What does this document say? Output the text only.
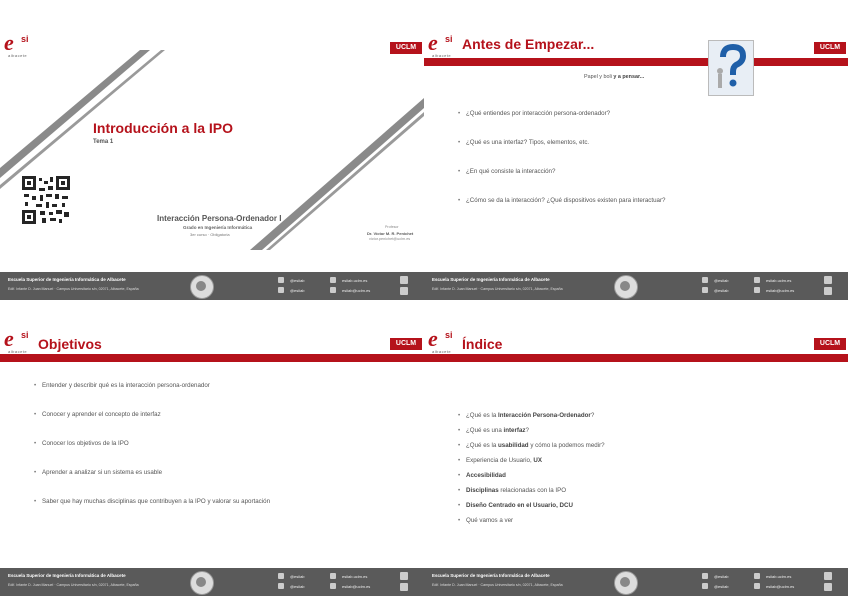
e si
albacete
UCLM
Introducción a la IPO
Tema 1
Interacción Persona-Ordenador I
Grado en Ingeniería Informática
3er curso · Obligatoria
Profesor
Dr. Víctor M. R. Penichet
victor.penichet@uclm.es
Escuela Superior de Ingeniería Informática de Albacete
Edif. Infante D. Juan Manuel · Campus Universitario s/n, 02071, Albacete, España
@esiiab
@esiiab
esiiab.uclm.es
esiiab@uclm.es
e si
albacete
Antes de Empezar...	UCLM
Papel y boli y a pensar...
• ¿Qué entiendes por interacción persona-ordenador?
• ¿Qué es una interfaz? Tipos, elementos, etc.
• ¿En qué consiste la interacción?
• ¿Cómo se da la interacción? ¿Qué dispositivos existen para interactuar?
Escuela Superior de Ingeniería Informática de Albacete
Edif. Infante D. Juan Manuel · Campus Universitario s/n, 02071, Albacete, España
@esiiab
@esiiab
esiiab.uclm.es
esiiab@uclm.es
e si
albacete Objetivos	UCLM
• Entender y describir qué es la interacción persona-ordenador
• Conocer y aprender el concepto de interfaz
• Conocer los objetivos de la IPO
• Aprender a analizar si un sistema es usable
• Saber que hay muchas disciplinas que contribuyen a la IPO y valorar su aportación
Escuela Superior de Ingeniería Informática de Albacete
Edif. Infante D. Juan Manuel · Campus Universitario s/n, 02071, Albacete, España
@esiiab
@esiiab
esiiab.uclm.es
esiiab@uclm.es
e si
albacete Índice	UCLM
• ¿Qué es la Interacción Persona-Ordenador?
• ¿Qué es una interfaz?
• ¿Qué es la usabilidad y cómo la podemos medir?
• Experiencia de Usuario, UX
• Accesibilidad
• Disciplinas relacionadas con la IPO
• Diseño Centrado en el Usuario, DCU
• Qué vamos a ver
Escuela Superior de Ingeniería Informática de Albacete
Edif. Infante D. Juan Manuel · Campus Universitario s/n, 02071, Albacete, España
@esiiab
@esiiab
esiiab.uclm.es
esiiab@uclm.es
